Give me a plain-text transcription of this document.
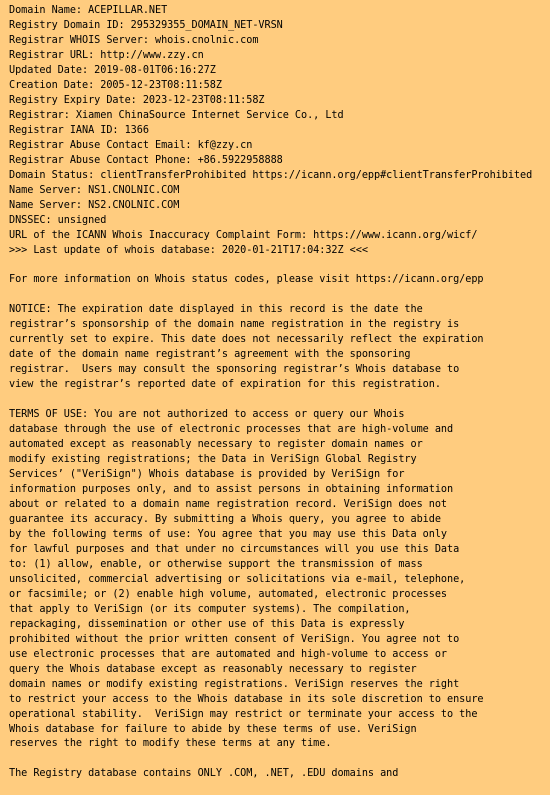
Domain Name: ACEPILLAR.NET
Registry Domain ID: 295329355_DOMAIN_NET-VRSN
Registrar WHOIS Server: whois.cnolnic.com
Registrar URL: http://www.zzy.cn
Updated Date: 2019-08-01T06:16:27Z
Creation Date: 2005-12-23T08:11:58Z
Registry Expiry Date: 2023-12-23T08:11:58Z
Registrar: Xiamen ChinaSource Internet Service Co., Ltd
Registrar IANA ID: 1366
Registrar Abuse Contact Email: kf@zzy.cn
Registrar Abuse Contact Phone: +86.5922958888
Domain Status: clientTransferProhibited https://icann.org/epp#clientTransferProhibited
Name Server: NS1.CNOLNIC.COM
Name Server: NS2.CNOLNIC.COM
DNSSEC: unsigned
URL of the ICANN Whois Inaccuracy Complaint Form: https://www.icann.org/wicf/
>>> Last update of whois database: 2020-01-21T17:04:32Z <<<
For more information on Whois status codes, please visit https://icann.org/epp
NOTICE: The expiration date displayed in this record is the date the
registrar’s sponsorship of the domain name registration in the registry is
currently set to expire. This date does not necessarily reflect the expiration
date of the domain name registrant’s agreement with the sponsoring
registrar.  Users may consult the sponsoring registrar’s Whois database to
view the registrar’s reported date of expiration for this registration.
TERMS OF USE: You are not authorized to access or query our Whois
database through the use of electronic processes that are high-volume and
automated except as reasonably necessary to register domain names or
modify existing registrations; the Data in VeriSign Global Registry
Services’ ("VeriSign") Whois database is provided by VeriSign for
information purposes only, and to assist persons in obtaining information
about or related to a domain name registration record. VeriSign does not
guarantee its accuracy. By submitting a Whois query, you agree to abide
by the following terms of use: You agree that you may use this Data only
for lawful purposes and that under no circumstances will you use this Data
to: (1) allow, enable, or otherwise support the transmission of mass
unsolicited, commercial advertising or solicitations via e-mail, telephone,
or facsimile; or (2) enable high volume, automated, electronic processes
that apply to VeriSign (or its computer systems). The compilation,
repackaging, dissemination or other use of this Data is expressly
prohibited without the prior written consent of VeriSign. You agree not to
use electronic processes that are automated and high-volume to access or
query the Whois database except as reasonably necessary to register
domain names or modify existing registrations. VeriSign reserves the right
to restrict your access to the Whois database in its sole discretion to ensure
operational stability.  VeriSign may restrict or terminate your access to the
Whois database for failure to abide by these terms of use. VeriSign
reserves the right to modify these terms at any time.
The Registry database contains ONLY .COM, .NET, .EDU domains and
